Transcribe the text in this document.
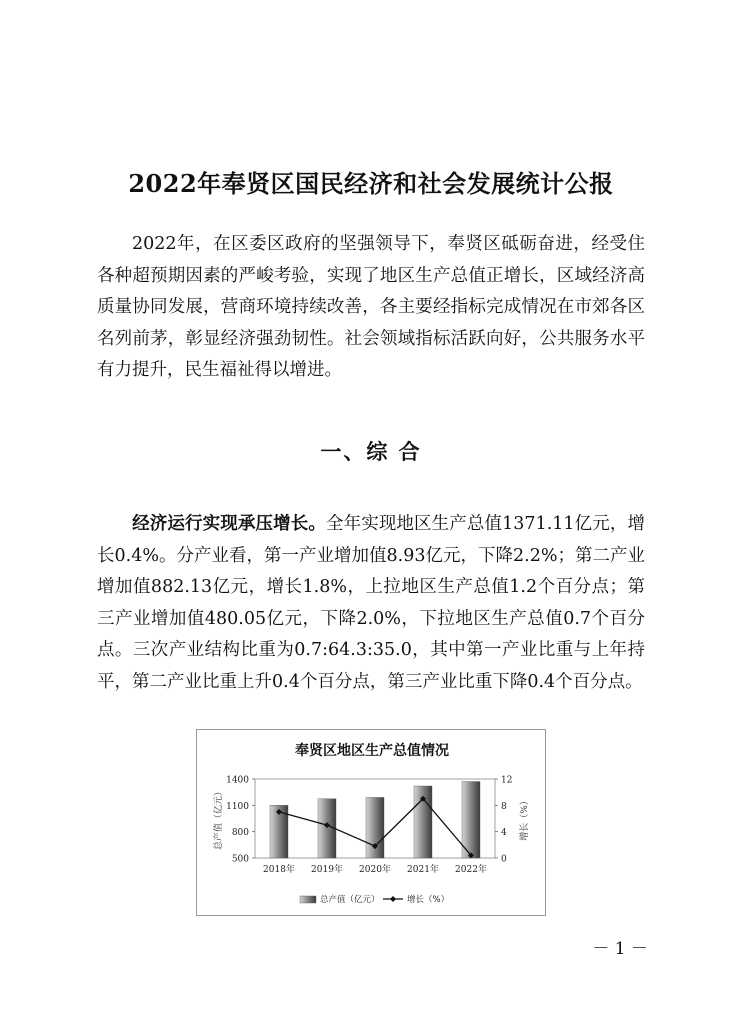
2022年奉贤区国民经济和社会发展统计公报

2022年，在区委区政府的坚强领导下，奉贤区砥砺奋进，经受住各种超预期因素的严峻考验，实现了地区生产总值正增长，区域经济高质量协同发展，营商环境持续改善，各主要经指标完成情况在市郊各区名列前茅，彰显经济强劲韧性。社会领域指标活跃向好，公共服务水平有力提升，民生福祉得以增进。

一、综 合

经济运行实现承压增长。全年实现地区生产总值1371.11亿元，增长0.4%。分产业看，第一产业增加值8.93亿元，下降2.2%；第二产业增加值882.13亿元，增长1.8%，上拉地区生产总值1.2个百分点；第三产业增加值480.05亿元，下降2.0%，下拉地区生产总值0.7个百分点。三次产业结构比重为0.7:64.3:35.0，其中第一产业比重与上年持平，第二产业比重上升0.4个百分点，第三产业比重下降0.4个百分点。

奉贤区地区生产总值情况
500
800
1100
1400
0
4
8
12
总产值（亿元）	增长（%）
2018年 2019年 2020年 2021年 2022年
总产值（亿元）	增长（%）
－ 1 －
